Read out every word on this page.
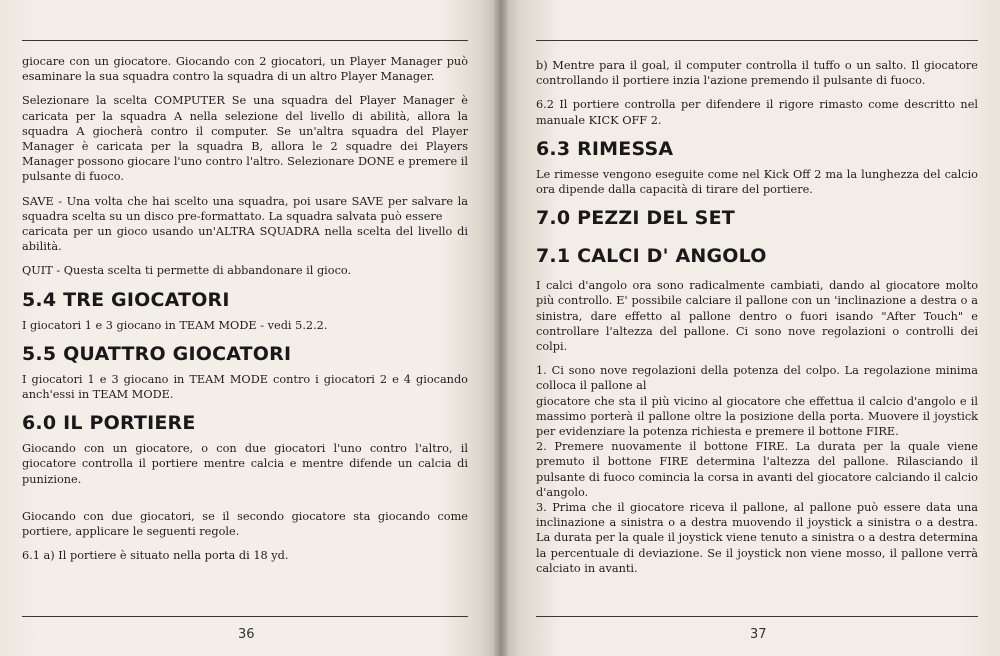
giocare con un giocatore. Giocando con 2 giocatori, un Player Manager può esaminare la sua squadra contro la squadra di un altro Player Manager.

Selezionare la scelta COMPUTER Se una squadra del Player Manager è caricata per la squadra A nella selezione del livello di abilità, allora la squadra A giocherà contro il computer. Se un'altra squadra del Player Manager è caricata per la squadra B, allora le 2 squadre dei Players Manager possono giocare l'uno contro l'altro. Selezionare DONE e premere il pulsante di fuoco.

SAVE - Una volta che hai scelto una squadra, poi usare SAVE per salvare la squadra scelta su un disco pre-formattato. La squadra salvata può essere

caricata per un gioco usando un'ALTRA SQUADRA nella scelta del livello di abilità.

QUIT - Questa scelta ti permette di abbandonare il gioco.

5.4 TRE GIOCATORI

I giocatori 1 e 3 giocano in TEAM MODE - vedi 5.2.2.

5.5 QUATTRO GIOCATORI

I giocatori 1 e 3 giocano in TEAM MODE contro i giocatori 2 e 4 giocando anch'essi in TEAM MODE.

6.0 IL PORTIERE

Giocando con un giocatore, o con due giocatori l'uno contro l'altro, il giocatore controlla il portiere mentre calcia e mentre difende un calcia di punizione.

Giocando con due giocatori, se il secondo giocatore sta giocando come portiere, applicare le seguenti regole.

6.1 a) Il portiere è situato nella porta di 18 yd.

36

b) Mentre para il goal, il computer controlla il tuffo o un salto. Il giocatore controllando il portiere inzia l'azione premendo il pulsante di fuoco.

6.2 Il portiere controlla per difendere il rigore rimasto come descritto nel manuale KICK OFF 2.

6.3 RIMESSA

Le rimesse vengono eseguite come nel Kick Off 2 ma la lunghezza del calcio ora dipende dalla capacità di tirare del portiere.

7.0 PEZZI DEL SET
7.1 CALCI D' ANGOLO

I calci d'angolo ora sono radicalmente cambiati, dando al giocatore molto più controllo. E' possibile calciare il pallone con un 'inclinazione a destra o a sinistra, dare effetto al pallone dentro o fuori isando "After Touch" e controllare l'altezza del pallone. Ci sono nove regolazioni o controlli dei colpi.

1. Ci sono nove regolazioni della potenza del colpo. La regolazione minima colloca il pallone al

giocatore che sta il più vicino al giocatore che effettua il calcio d'angolo e il massimo porterà il pallone oltre la posizione della porta. Muovere il joystick per evidenziare la potenza richiesta e premere il bottone FIRE.

2. Premere nuovamente il bottone FIRE. La durata per la quale viene premuto il bottone FIRE determina l'altezza del pallone. Rilasciando il pulsante di fuoco comincia la corsa in avanti del giocatore calciando il calcio d'angolo.

3. Prima che il giocatore riceva il pallone, al pallone può essere data una inclinazione a sinistra o a destra muovendo il joystick a sinistra o a destra. La durata per la quale il joystick viene tenuto a sinistra o a destra determina la percentuale di deviazione. Se il joystick non viene mosso, il pallone verrà calciato in avanti.

37
